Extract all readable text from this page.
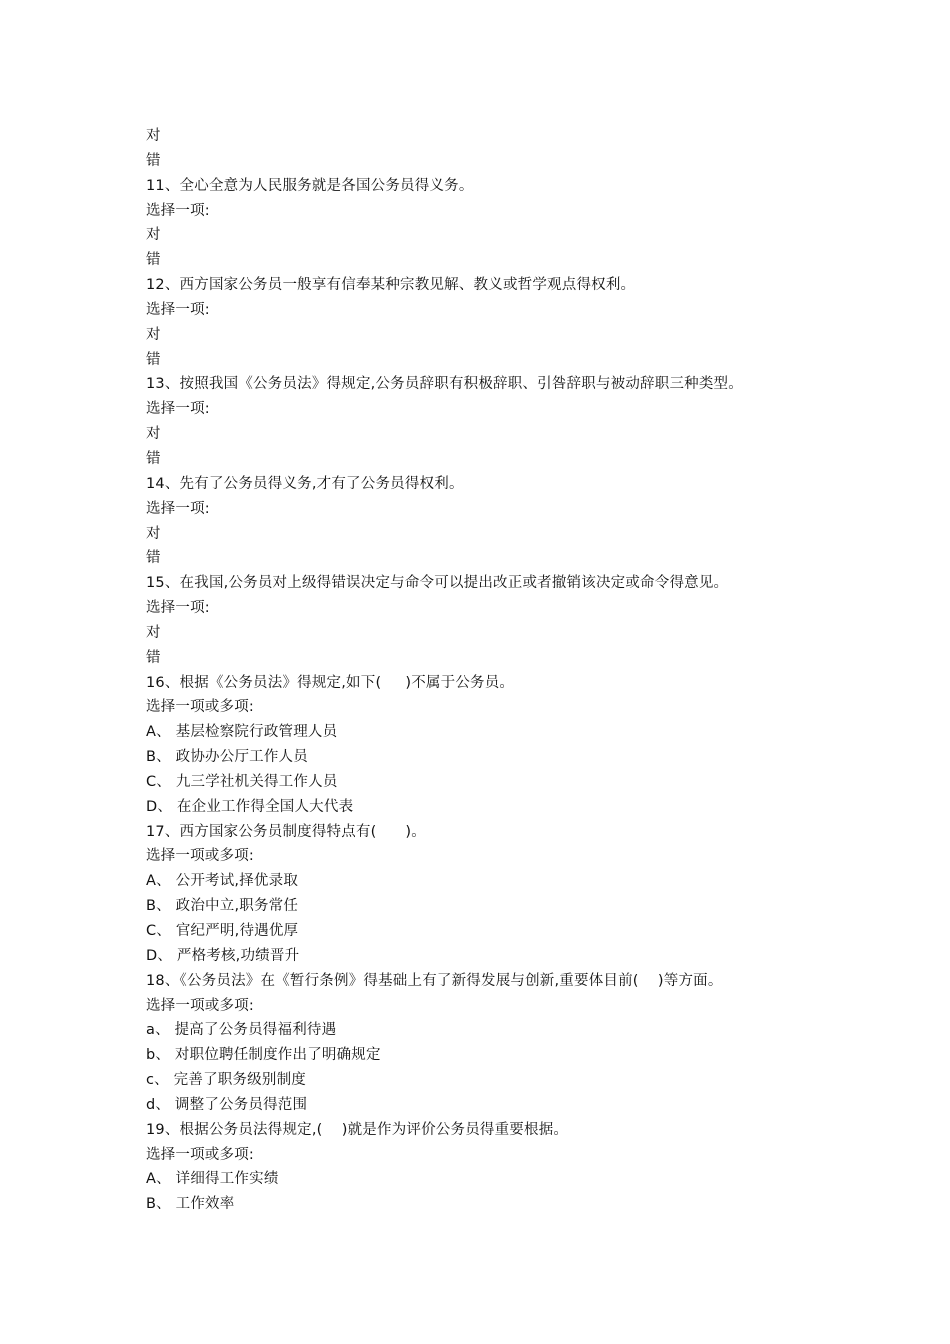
对
错
11、全心全意为人民服务就是各国公务员得义务。
选择一项:
对
错
12、西方国家公务员一般享有信奉某种宗教见解、教义或哲学观点得权利。
选择一项:
对
错
13、按照我国《公务员法》得规定,公务员辞职有积极辞职、引咎辞职与被动辞职三种类型。
选择一项:
对
错
14、先有了公务员得义务,才有了公务员得权利。
选择一项:
对
错
15、在我国,公务员对上级得错误决定与命令可以提出改正或者撤销该决定或命令得意见。
选择一项:
对
错
16、根据《公务员法》得规定,如下(     )不属于公务员。
选择一项或多项:
A、 基层检察院行政管理人员
B、 政协办公厅工作人员
C、 九三学社机关得工作人员
D、 在企业工作得全国人大代表
17、西方国家公务员制度得特点有(      )。
选择一项或多项:
A、 公开考试,择优录取
B、 政治中立,职务常任
C、 官纪严明,待遇优厚
D、 严格考核,功绩晋升
18、《公务员法》在《暂行条例》得基础上有了新得发展与创新,重要体目前(    )等方面。
选择一项或多项:
a、 提高了公务员得福利待遇
b、 对职位聘任制度作出了明确规定
c、 完善了职务级别制度
d、 调整了公务员得范围
19、根据公务员法得规定,(    )就是作为评价公务员得重要根据。
选择一项或多项:
A、 详细得工作实绩
B、 工作效率
